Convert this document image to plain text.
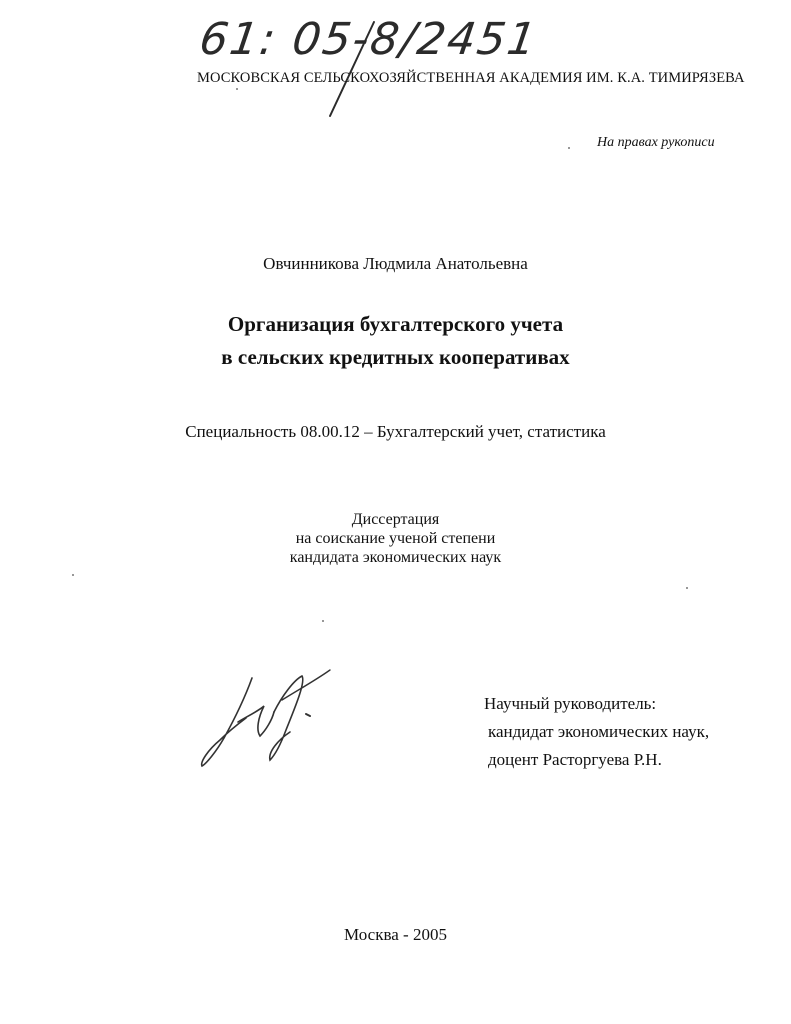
61: 05-8/2451
МОСКОВСКАЯ СЕЛЬСКОХОЗЯЙСТВЕННАЯ АКАДЕМИЯ ИМ. К.А. ТИМИРЯЗЕВА
На правах рукописи
Овчинникова Людмила Анатольевна
Организация бухгалтерского учета
в сельских кредитных кооперативах
Специальность 08.00.12 – Бухгалтерский учет, статистика
Диссертация
на соискание ученой степени
кандидата экономических наук
Научный руководитель:
кандидат экономических наук,
доцент Расторгуева Р.Н.
Москва - 2005
